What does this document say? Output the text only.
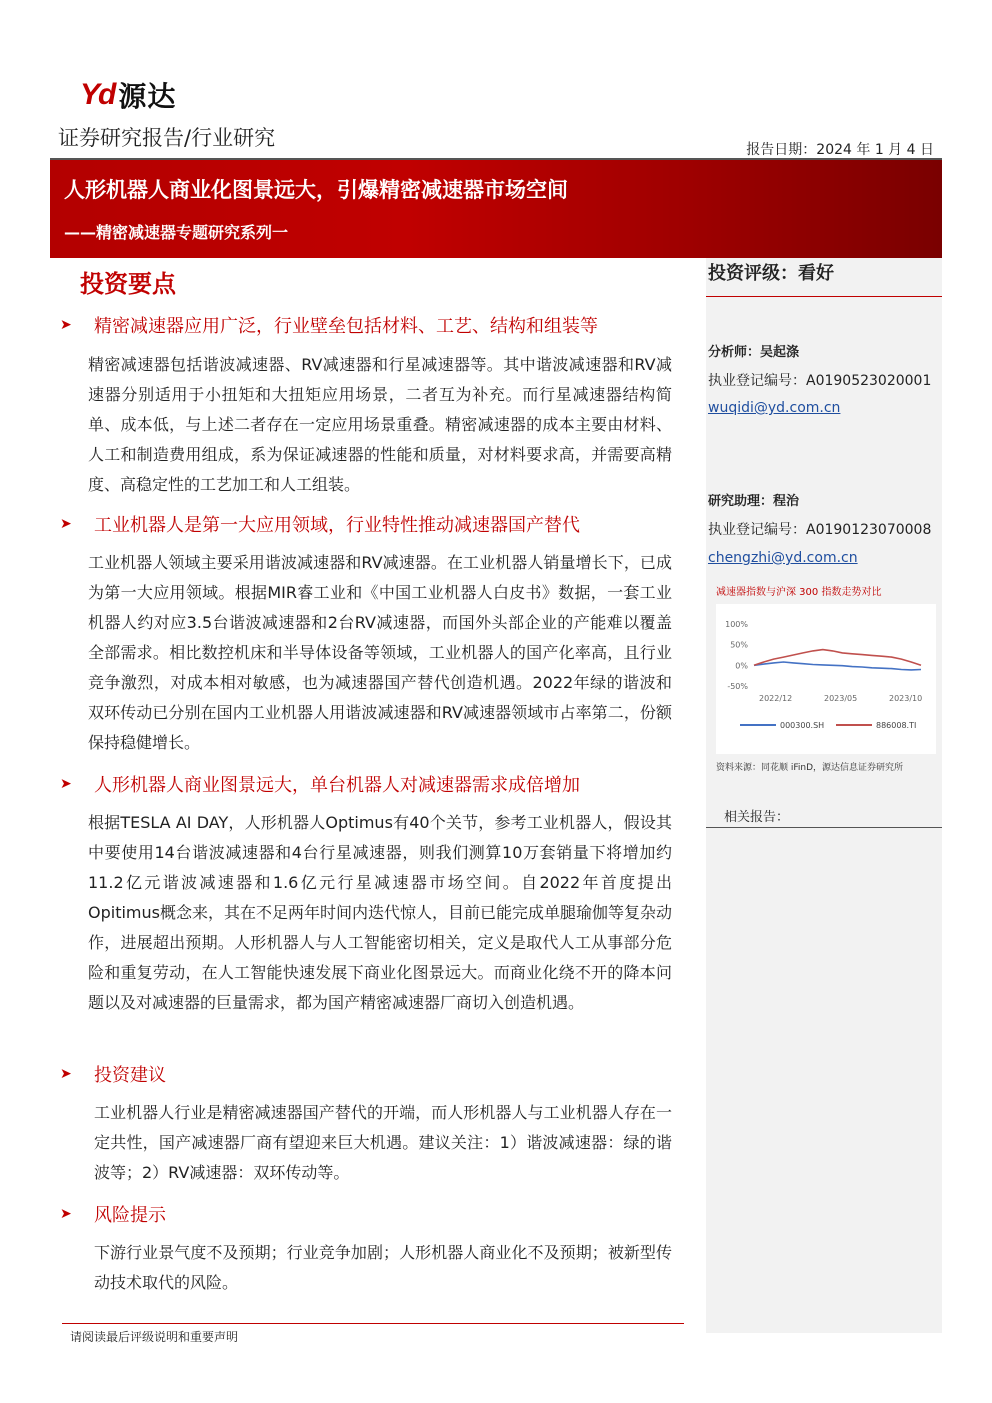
Yd 源达
证券研究报告/行业研究	报告日期：2024 年 1 月 4 日
人形机器人商业化图景远大，引爆精密减速器市场空间
——精密减速器专题研究系列一
投资要点
➤	精密减速器应用广泛，行业壁垒包括材料、工艺、结构和组装等
精密减速器包括谐波减速器、RV减速器和行星减速器等。其中谐波减速器和RV减速器分别适用于小扭矩和大扭矩应用场景，二者互为补充。而行星减速器结构简单、成本低，与上述二者存在一定应用场景重叠。精密减速器的成本主要由材料、人工和制造费用组成，系为保证减速器的性能和质量，对材料要求高，并需要高精度、高稳定性的工艺加工和人工组装。
➤	工业机器人是第一大应用领域，行业特性推动减速器国产替代
工业机器人领域主要采用谐波减速器和RV减速器。在工业机器人销量增长下，已成为第一大应用领域。根据MIR睿工业和《中国工业机器人白皮书》数据，一套工业机器人约对应3.5台谐波减速器和2台RV减速器，而国外头部企业的产能难以覆盖全部需求。相比数控机床和半导体设备等领域，工业机器人的国产化率高，且行业竞争激烈，对成本相对敏感，也为减速器国产替代创造机遇。2022年绿的谐波和双环传动已分别在国内工业机器人用谐波减速器和RV减速器领域市占率第二，份额保持稳健增长。
➤	人形机器人商业图景远大，单台机器人对减速器需求成倍增加
根据TESLA AI DAY，人形机器人Optimus有40个关节，参考工业机器人，假设其中要使用14台谐波减速器和4台行星减速器，则我们测算10万套销量下将增加约11.2亿元谐波减速器和1.6亿元行星减速器市场空间。自2022年首度提出Opitimus概念来，其在不足两年时间内迭代惊人，目前已能完成单腿瑜伽等复杂动作，进展超出预期。人形机器人与人工智能密切相关，定义是取代人工从事部分危险和重复劳动，在人工智能快速发展下商业化图景远大。而商业化绕不开的降本问题以及对减速器的巨量需求，都为国产精密减速器厂商切入创造机遇。
➤	投资建议
工业机器人行业是精密减速器国产替代的开端，而人形机器人与工业机器人存在一定共性，国产减速器厂商有望迎来巨大机遇。建议关注：1）谐波减速器：绿的谐波等；2）RV减速器：双环传动等。
➤	风险提示
下游行业景气度不及预期；行业竞争加剧；人形机器人商业化不及预期；被新型传动技术取代的风险。
投资评级：看好
分析师：吴起涤
执业登记编号：A0190523020001
wuqidi@yd.com.cn
研究助理：程治
执业登记编号：A0190123070008
chengzhi@yd.com.cn
减速器指数与沪深 300 指数走势对比
100%
50%
0%
-50%
2022/12	2023/05	2023/10
000300.SH	886008.TI
资料来源：同花顺 iFinD，源达信息证券研究所
相关报告：
请阅读最后评级说明和重要声明
